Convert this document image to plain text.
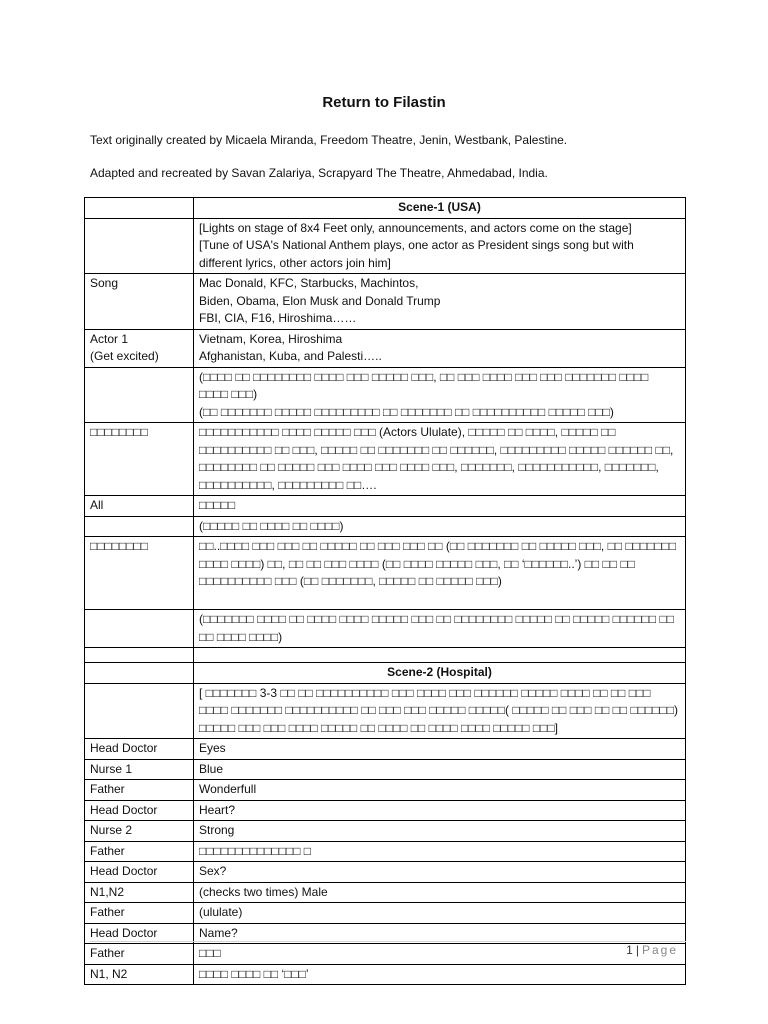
Return to Filastin
Text originally created by Micaela Miranda, Freedom Theatre, Jenin, Westbank, Palestine.
Adapted and recreated by Savan Zalariya, Scrapyard The Theatre, Ahmedabad, India.
	Scene-1 (USA)

	[Lights on stage of 8x4 Feet only, announcements, and actors come on the stage]
[Tune of USA's National Anthem plays, one actor as President sings song but with different lyrics, other actors join him]

Song	Mac Donald, KFC, Starbucks, Machintos,
Biden, Obama, Elon Musk and Donald Trump
FBI, CIA, F16, Hiroshima……

Actor 1
(Get excited)	Vietnam, Korea, Hiroshima
Afghanistan, Kuba, and Palesti…..

	(□□□□ □□ □□□□□□□□ □□□□ □□□ □□□□□ □□□, □□ □□□ □□□□ □□□ □□□ □□□□□□□ □□□□ □□□□ □□□)
(□□ □□□□□□□ □□□□□ □□□□□□□□□ □□ □□□□□□□ □□ □□□□□□□□□□ □□□□□ □□□)

□□□□□□□□	□□□□□□□□□□□ □□□□ □□□□□ □□□ (Actors Ululate), □□□□□ □□ □□□□, □□□□□ □□ □□□□□□□□□□ □□ □□□, □□□□□ □□ □□□□□□□ □□ □□□□□□, □□□□□□□□□ □□□□□ □□□□□□ □□, □□□□□□□□ □□ □□□□□ □□□ □□□□ □□□ □□□□ □□□, □□□□□□□, □□□□□□□□□□□, □□□□□□□, □□□□□□□□□□, □□□□□□□□□ □□….
All	□□□□□
	(□□□□□ □□ □□□□ □□ □□□□)
□□□□□□□□	□□..□□□□ □□□ □□□ □□ □□□□□ □□ □□□ □□□ □□ (□□ □□□□□□□ □□ □□□□□ □□□, □□ □□□□□□□ □□□□ □□□□) □□, □□ □□ □□□ □□□□ (□□ □□□□ □□□□□ □□□, □□ ‘□□□□□□..’) □□ □□ □□ □□□□□□□□□□ □□□ (□□ □□□□□□□, □□□□□ □□ □□□□□ □□□)

	(□□□□□□□ □□□□ □□ □□□□ □□□□ □□□□□ □□□ □□ □□□□□□□□ □□□□□ □□ □□□□□ □□□□□□ □□ □□ □□□□ □□□□)

	Scene-2 (Hospital)
	[ □□□□□□□ 3-3 □□ □□ □□□□□□□□□□ □□□ □□□□ □□□ □□□□□□ □□□□□ □□□□ □□ □□ □□□ □□□□ □□□□□□□ □□□□□□□□□□ □□ □□□ □□□ □□□□□ □□□□□( □□□□□ □□ □□□ □□ □□ □□□□□□) □□□□□ □□□ □□□ □□□□ □□□□□ □□ □□□□ □□ □□□□ □□□□ □□□□□ □□□]
Head Doctor	Eyes
Nurse 1	Blue
Father	Wonderfull
Head Doctor	Heart?
Nurse 2	Strong
Father	□□□□□□□□□□□□□□ □
Head Doctor	Sex?
N1,N2	(checks two times) Male
Father	(ululate)
Head Doctor	Name?
Father	□□□
N1, N2	□□□□ □□□□ □□ ‘□□□’
1 | Page
